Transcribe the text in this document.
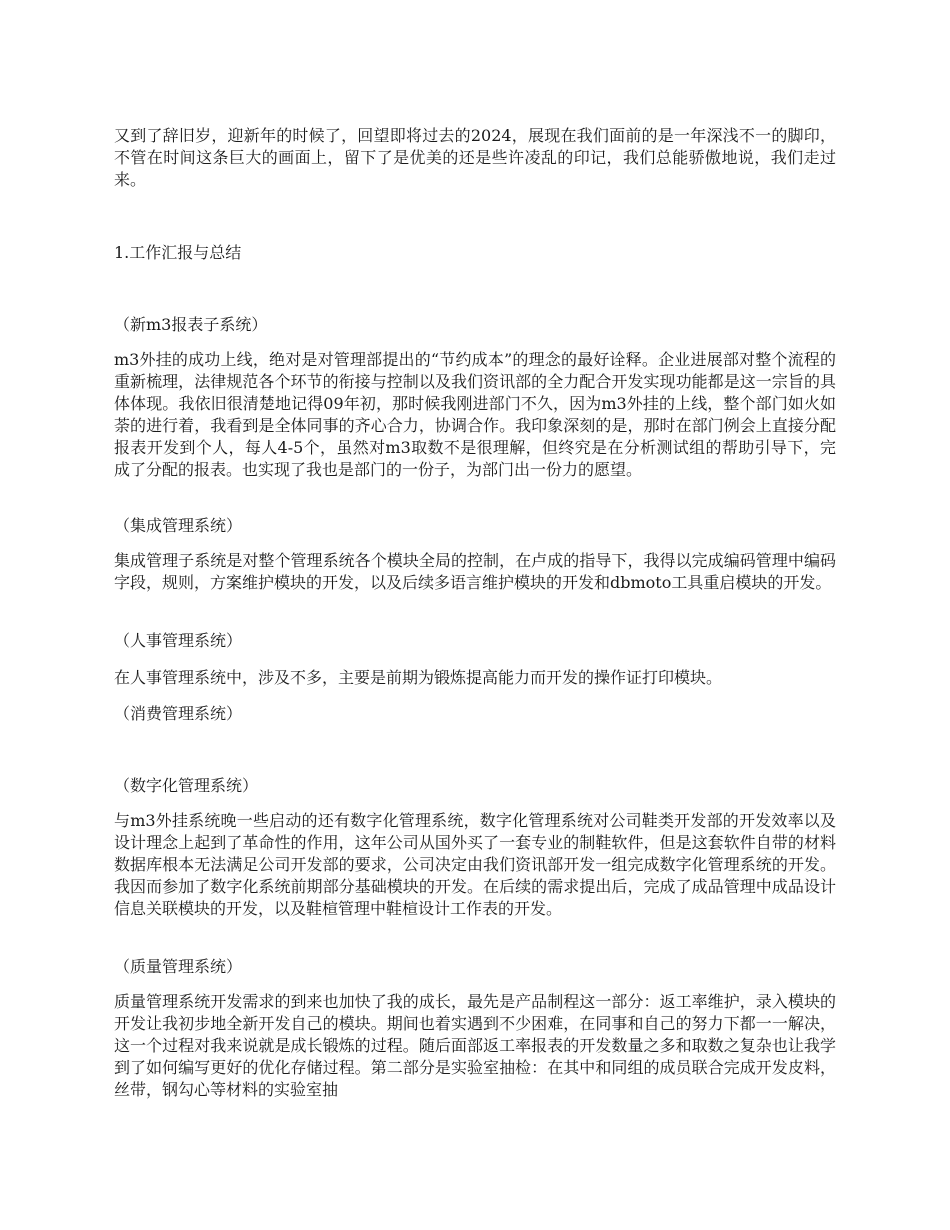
又到了辞旧岁，迎新年的时候了，回望即将过去的2024，展现在我们面前的是一年深浅不一的脚印，不管在时间这条巨大的画面上，留下了是优美的还是些许凌乱的印记，我们总能骄傲地说，我们走过来。

1.工作汇报与总结

（新m3报表子系统）

m3外挂的成功上线，绝对是对管理部提出的“节约成本”的理念的最好诠释。企业进展部对整个流程的重新梳理，法律规范各个环节的衔接与控制以及我们资讯部的全力配合开发实现功能都是这一宗旨的具体体现。我依旧很清楚地记得09年初，那时候我刚进部门不久，因为m3外挂的上线，整个部门如火如荼的进行着，我看到是全体同事的齐心合力，协调合作。我印象深刻的是，那时在部门例会上直接分配报表开发到个人，每人4-5个，虽然对m3取数不是很理解，但终究是在分析测试组的帮助引导下，完成了分配的报表。也实现了我也是部门的一份子，为部门出一份力的愿望。

（集成管理系统）

集成管理子系统是对整个管理系统各个模块全局的控制，在卢成的指导下，我得以完成编码管理中编码字段，规则，方案维护模块的开发，以及后续多语言维护模块的开发和dbmoto工具重启模块的开发。

（人事管理系统）

在人事管理系统中，涉及不多，主要是前期为锻炼提高能力而开发的操作证打印模块。

（消费管理系统）

（数字化管理系统）

与m3外挂系统晚一些启动的还有数字化管理系统，数字化管理系统对公司鞋类开发部的开发效率以及设计理念上起到了革命性的作用，这年公司从国外买了一套专业的制鞋软件，但是这套软件自带的材料数据库根本无法满足公司开发部的要求，公司决定由我们资讯部开发一组完成数字化管理系统的开发。我因而参加了数字化系统前期部分基础模块的开发。在后续的需求提出后，完成了成品管理中成品设计信息关联模块的开发，以及鞋楦管理中鞋楦设计工作表的开发。

（质量管理系统）

质量管理系统开发需求的到来也加快了我的成长，最先是产品制程这一部分：返工率维护，录入模块的开发让我初步地全新开发自己的模块。期间也着实遇到不少困难，在同事和自己的努力下都一一解决，这一个过程对我来说就是成长锻炼的过程。随后面部返工率报表的开发数量之多和取数之复杂也让我学到了如何编写更好的优化存储过程。第二部分是实验室抽检：在其中和同组的成员联合完成开发皮料，丝带，钢勾心等材料的实验室抽
